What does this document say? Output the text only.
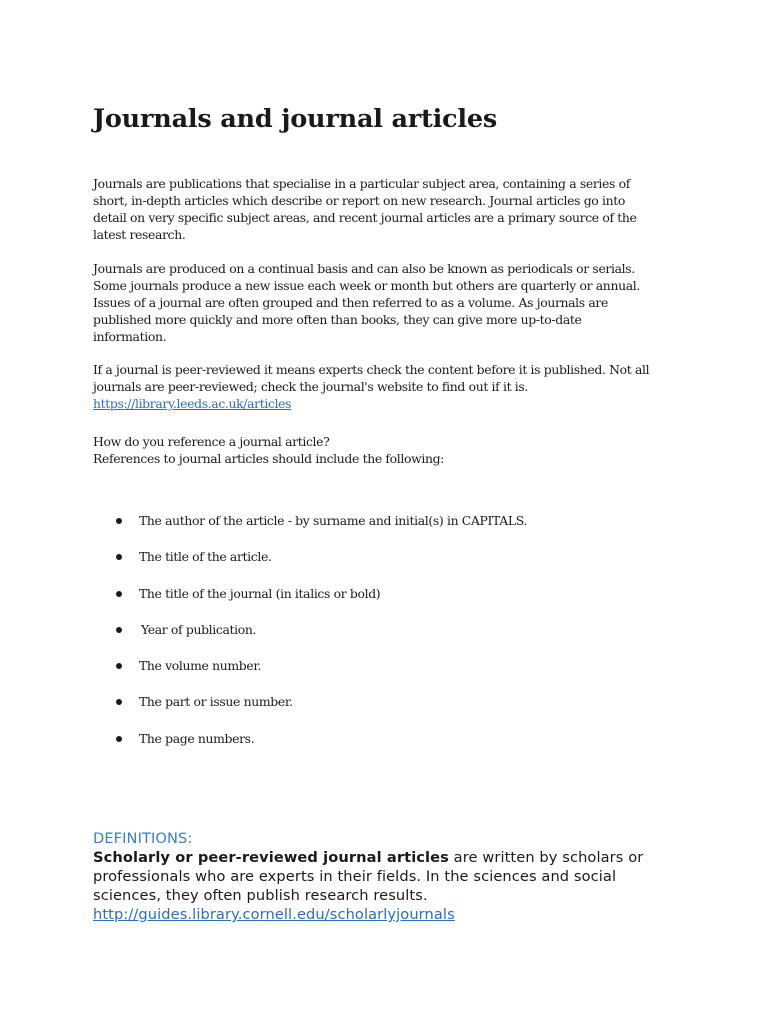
Journals and journal articles

Journals are publications that specialise in a particular subject area, containing a series of
short, in-depth articles which describe or report on new research. Journal articles go into
detail on very specific subject areas, and recent journal articles are a primary source of the
latest research.

Journals are produced on a continual basis and can also be known as periodicals or serials.
Some journals produce a new issue each week or month but others are quarterly or annual.
Issues of a journal are often grouped and then referred to as a volume. As journals are
published more quickly and more often than books, they can give more up-to-date
information.

If a journal is peer-reviewed it means experts check the content before it is published. Not all
journals are peer-reviewed; check the journal's website to find out if it is.
https://library.leeds.ac.uk/articles

How do you reference a journal article?
References to journal articles should include the following:

The author of the article - by surname and initial(s) in CAPITALS.
The title of the article.
The title of the journal (in italics or bold)
Year of publication.
The volume number.
The part or issue number.
The page numbers.
DEFINITIONS:
Scholarly or peer-reviewed journal articles are written by scholars or
professionals who are experts in their fields. In the sciences and social
sciences, they often publish research results.
http://guides.library.cornell.edu/scholarlyjournals
